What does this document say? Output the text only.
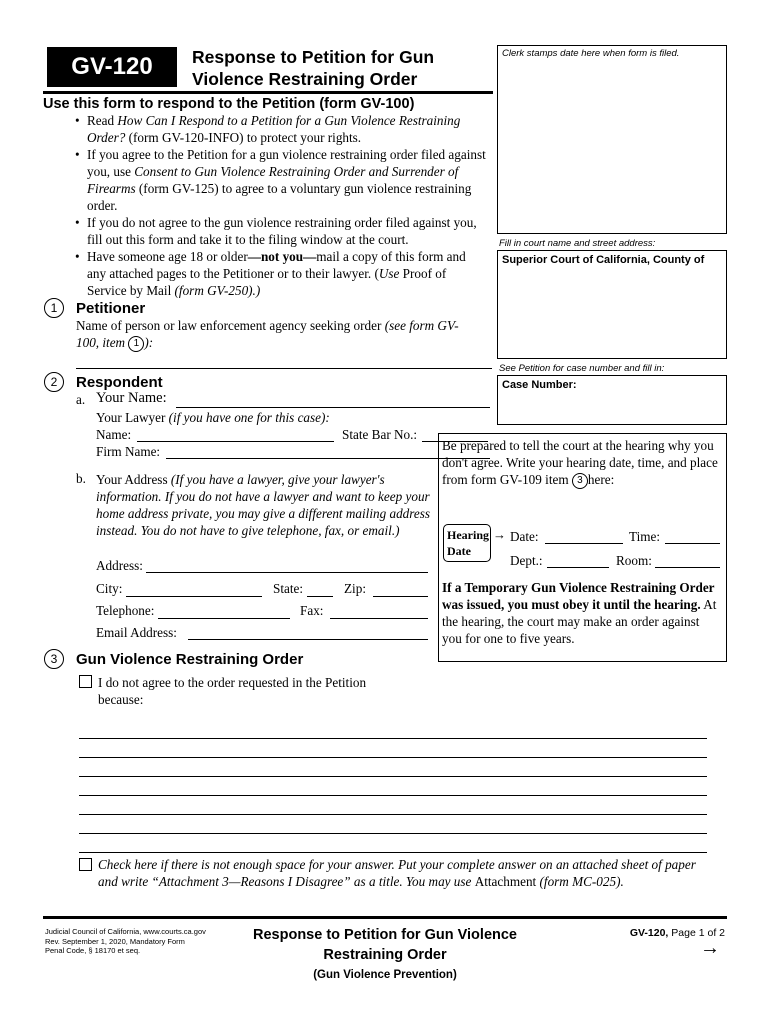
GV-120	Response to Petition for Gun
Violence Restraining Order
Use this form to respond to the Petition (form GV-100)
Clerk stamps date here when form is filed.
Fill in court name and street address:
Superior Court of California, County of
See Petition for case number and fill in:
Case Number:
• Read How Can I Respond to a Petition for a Gun Violence Restraining Order? (form GV-120-INFO) to protect your rights.
• If you agree to the Petition for a gun violence restraining order filed against you, use Consent to Gun Violence Restraining Order and Surrender of Firearms (form GV-125) to agree to a voluntary gun violence restraining order.
• If you do not agree to the gun violence restraining order filed against you, fill out this form and take it to the filing window at the court.
• Have someone age 18 or older—not you—mail a copy of this form and any attached pages to the Petitioner or to their lawyer. (Use Proof of Service by Mail (form GV-250).)
1	Petitioner
Name of person or law enforcement agency seeking order (see form GV-100, item 1 ):
2	Respondent
a. Your Name:
Your Lawyer (if you have one for this case):
Name:	State Bar No.:
Firm Name:
b. Your Address (If you have a lawyer, give your lawyer's information. If you do not have a lawyer and want to keep your home address private, you may give a different mailing address instead. You do not have to give telephone, fax, or email.)
Address:
City:	State:	Zip:
Telephone:	Fax:
Email Address:
Be prepared to tell the court at the hearing why you don't agree. Write your hearing date, time, and place from form GV-109 item 3 here:
Hearing
Date
→ Date:	Time:
Dept.:	Room:
If a Temporary Gun Violence Restraining Order was issued, you must obey it until the hearing. At the hearing, the court may make an order against you for one to five years.
3	Gun Violence Restraining Order
I do not agree to the order requested in the Petition because:
Check here if there is not enough space for your answer. Put your complete answer on an attached sheet of paper and write “Attachment 3—Reasons I Disagree” as a title. You may use Attachment (form MC-025).
Judicial Council of California, www.courts.ca.gov
Rev. September 1, 2020, Mandatory Form
Penal Code, § 18170 et seq.
Response to Petition for Gun Violence
Restraining Order
(Gun Violence Prevention)
GV-120, Page 1 of 2
→
